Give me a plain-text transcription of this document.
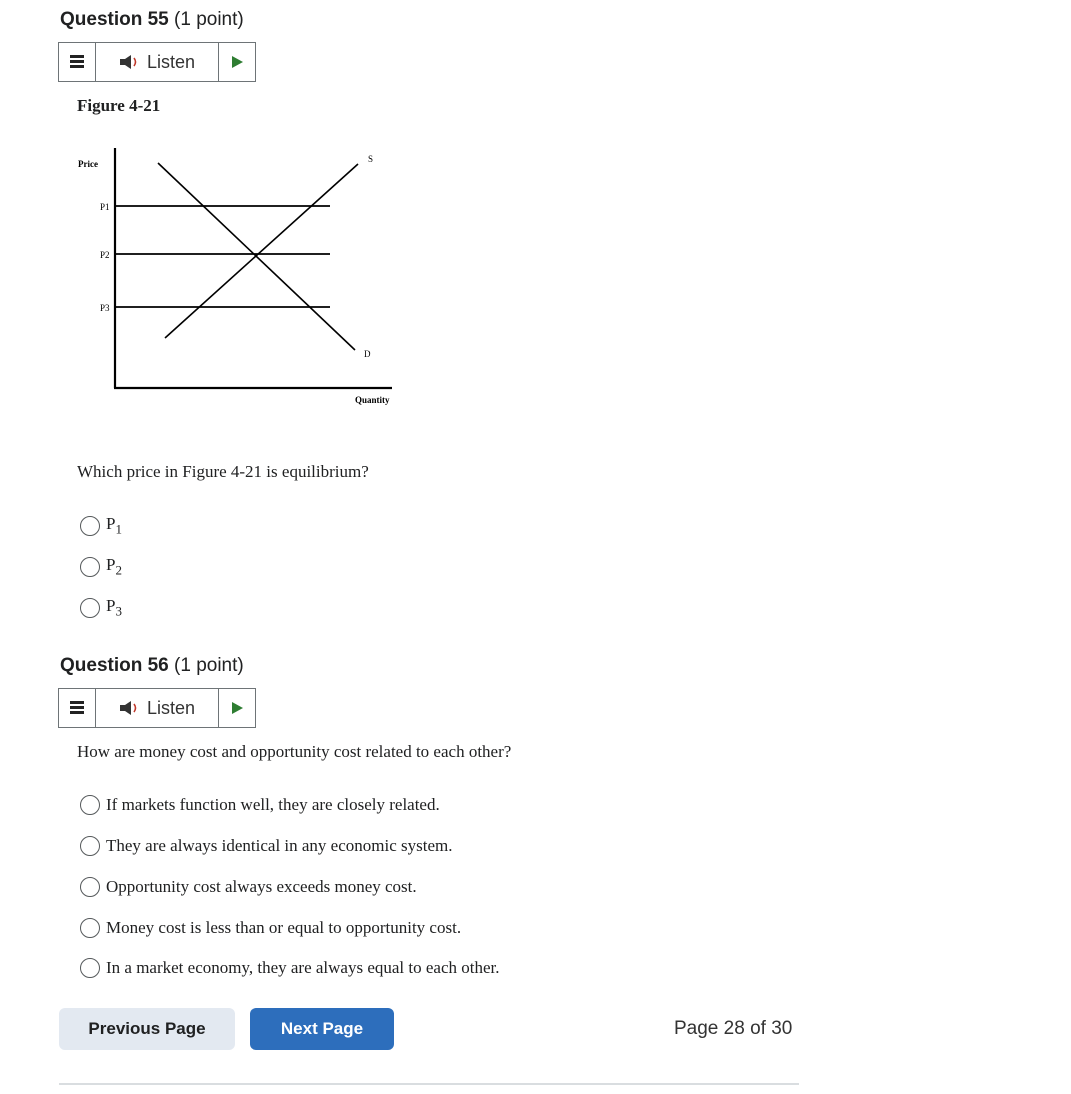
Question 55 (1 point)
Listen
Figure 4-21
Price
Quantity
P1
P2
P3
S
D
Which price in Figure 4-21 is equilibrium?
$P_1$
$P_2$
$P_3$
Question 56 (1 point)
Listen
How are money cost and opportunity cost related to each other?
If markets function well, they are closely related.
They are always identical in any economic system.
Opportunity cost always exceeds money cost.
Money cost is less than or equal to opportunity cost.
In a market economy, they are always equal to each other.
Previous Page	Next Page	Page 28 of 30
